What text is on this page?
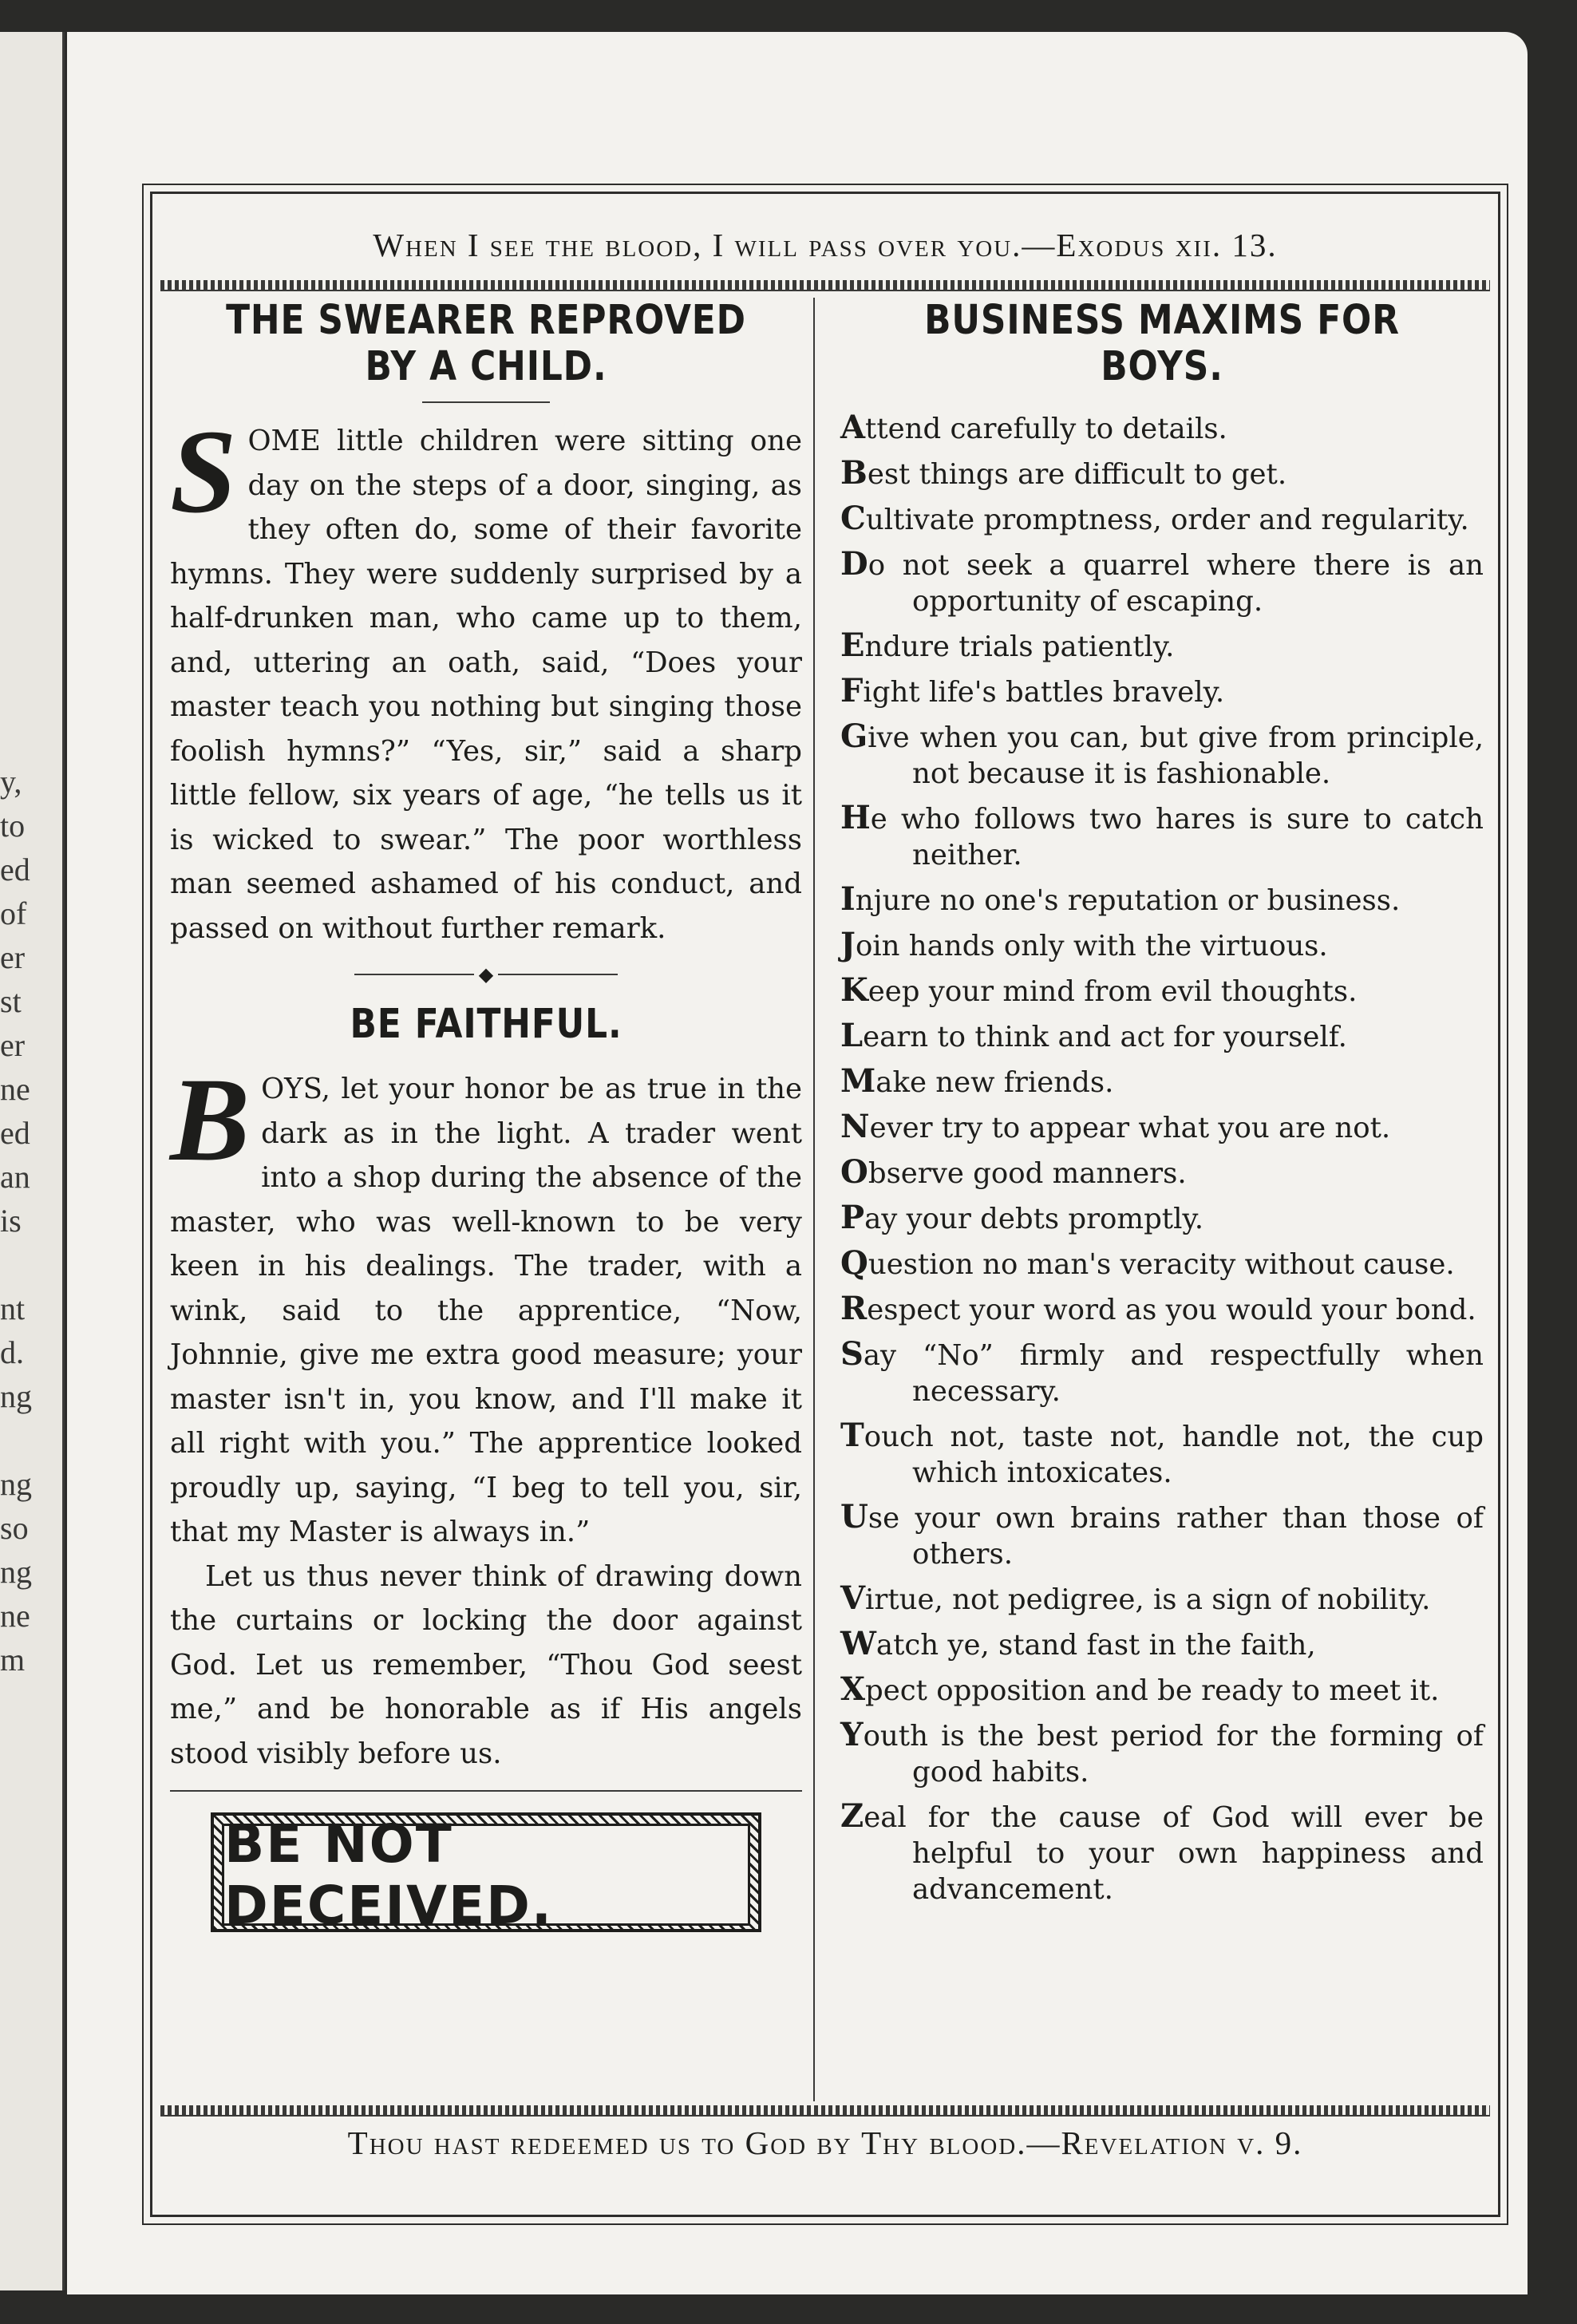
y,
to
ed
of
er
st
er
ne
ed
an
is
nt
d.
ng
ng
so
ng
ne
m
When I see the blood, I will pass over you.—Exodus xii. 13.
THE SWEARER REPROVED BY A CHILD.
S OME little children were sitting one day on the steps of a door, singing, as they often do, some of their favorite hymns. They were suddenly surprised by a half-drunken man, who came up to them, and, uttering an oath, said, “Does your master teach you nothing but singing those foolish hymns?” “Yes, sir,” said a sharp little fellow, six years of age, “he tells us it is wicked to swear.” The poor worthless man seemed ashamed of his conduct, and passed on without further remark.

◆
BE FAITHFUL.
B OYS, let your honor be as true in the dark as in the light. A trader went into a shop during the absence of the master, who was well-known to be very keen in his dealings. The trader, with a wink, said to the apprentice, “Now, Johnnie, give me extra good measure; your master isn't in, you know, and I'll make it all right with you.” The apprentice looked proudly up, saying, “I beg to tell you, sir, that my Master is always in.”

Let us thus never think of drawing down the curtains or locking the door against God. Let us remember, “Thou God seest me,” and be honorable as if His angels stood visibly before us.

BE NOT DECEIVED.
BUSINESS MAXIMS FOR BOYS.
Attend carefully to details.
Best things are difficult to get.
Cultivate promptness, order and regularity.
Do not seek a quarrel where there is an opportunity of escaping.
Endure trials patiently.
Fight life's battles bravely.
Give when you can, but give from principle, not because it is fashionable.
He who follows two hares is sure to catch neither.
Injure no one's reputation or business.
Join hands only with the virtuous.
Keep your mind from evil thoughts.
Learn to think and act for yourself.
Make new friends.
Never try to appear what you are not.
Observe good manners.
Pay your debts promptly.
Question no man's veracity without cause.
Respect your word as you would your bond.
Say “No” firmly and respectfully when necessary.
Touch not, taste not, handle not, the cup which intoxicates.
Use your own brains rather than those of others.
Virtue, not pedigree, is a sign of nobility.
Watch ye, stand fast in the faith,
Xpect opposition and be ready to meet it.
Youth is the best period for the forming of good habits.
Zeal for the cause of God will ever be helpful to your own happiness and advancement.
Thou hast redeemed us to God by Thy blood.—Revelation v. 9.
